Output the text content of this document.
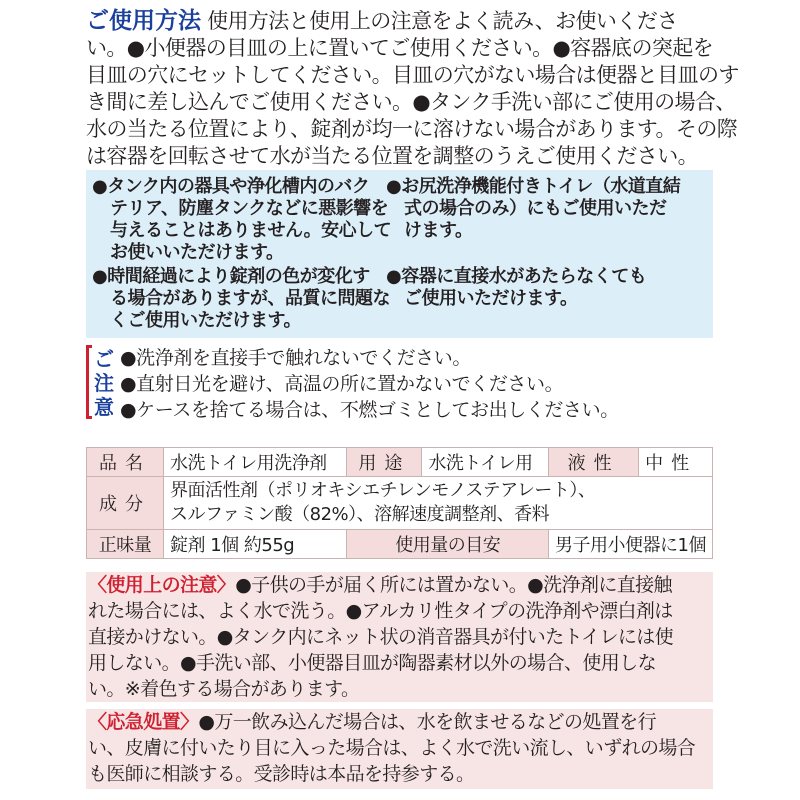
ご使用方法 使用方法と使用上の注意をよく読み、お使いくださ
い。●小便器の目皿の上に置いてご使用ください。●容器底の突起を
目皿の穴にセットしてください。目皿の穴がない場合は便器と目皿のす
き間に差し込んでご使用ください。●タンク手洗い部にご使用の場合、
水の当たる位置により、錠剤が均一に溶けない場合があります。その際
は容器を回転させて水が当たる位置を調整のうえご使用ください。
●タンク内の器具や浄化槽内のバク
テリア、防塵タンクなどに悪影響を
与えることはありません。安心して
お使いいただけます。
●お尻洗浄機能付きトイレ（水道直結
式の場合のみ）にもご使用いただ
けます。
●時間経過により錠剤の色が変化す
る場合がありますが、品質に問題な
くご使用いただけます。
●容器に直接水があたらなくても
ご使用いただけます。
ご
注
意
●洗浄剤を直接手で触れないでください。
●直射日光を避け、高温の所に置かないでください。
●ケースを捨てる場合は、不燃ゴミとしてお出しください。
品名	水洗トイレ用洗浄剤	用途	水洗トイレ用	液性	中性
成分	界面活性剤（ポリオキシエチレンモノステアレート）、
スルファミン酸（82%）、溶解速度調整剤、香料				

正味量	錠剤 1個 約55g	使用量の目安		男子用小便器に1個	
〈使用上の注意〉●子供の手が届く所には置かない。●洗浄剤に直接触
れた場合には、よく水で洗う。●アルカリ性タイプの洗浄剤や漂白剤は
直接かけない。●タンク内にネット状の消音器具が付いたトイレには使
用しない。●手洗い部、小便器目皿が陶器素材以外の場合、使用しな
い。※着色する場合があります。
〈応急処置〉●万一飲み込んだ場合は、水を飲ませるなどの処置を行
い、皮膚に付いたり目に入った場合は、よく水で洗い流し、いずれの場合
も医師に相談する。受診時は本品を持参する。
